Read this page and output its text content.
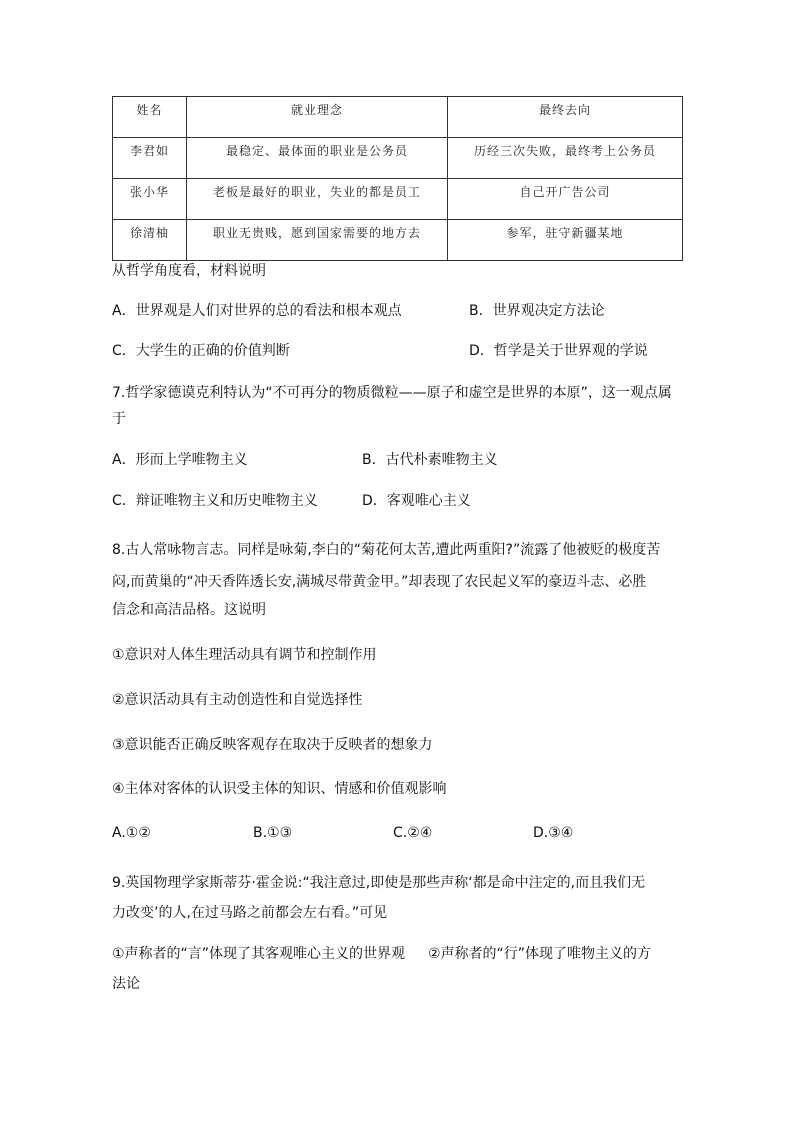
姓名	就业理念	最终去向

李君如	最稳定、最体面的职业是公务员	历经三次失败，最终考上公务员

张小华	老板是最好的职业，失业的都是员工	自己开广告公司

徐清柚	职业无贵贱，愿到国家需要的地方去	参军，驻守新疆某地
从哲学角度看，材料说明
A．世界观是人们对世界的总的看法和根本观点	B．世界观决定方法论
C．大学生的正确的价值判断	D．哲学是关于世界观的学说
7.哲学家德谟克利特认为“不可再分的物质微粒——原子和虚空是世界的本原”，这一观点属
于
A．形而上学唯物主义	B．古代朴素唯物主义
C．辩证唯物主义和历史唯物主义	D．客观唯心主义
8.古人常咏物言志。同样是咏菊,李白的“菊花何太苦,遭此两重阳?”流露了他被贬的极度苦
闷,而黄巢的“冲天香阵透长安,满城尽带黄金甲。”却表现了农民起义军的豪迈斗志、必胜
信念和高洁品格。这说明
①意识对人体生理活动具有调节和控制作用
②意识活动具有主动创造性和自觉选择性
③意识能否正确反映客观存在取决于反映者的想象力
④主体对客体的认识受主体的知识、情感和价值观影响
A.①②	B.①③	C.②④	D.③④
9.英国物理学家斯蒂芬·霍金说:“我注意过,即使是那些声称‘都是命中注定的,而且我们无
力改变’的人,在过马路之前都会左右看。”可见
①声称者的“言”体现了其客观唯心主义的世界观 ②声称者的“行”体现了唯物主义的方
法论
